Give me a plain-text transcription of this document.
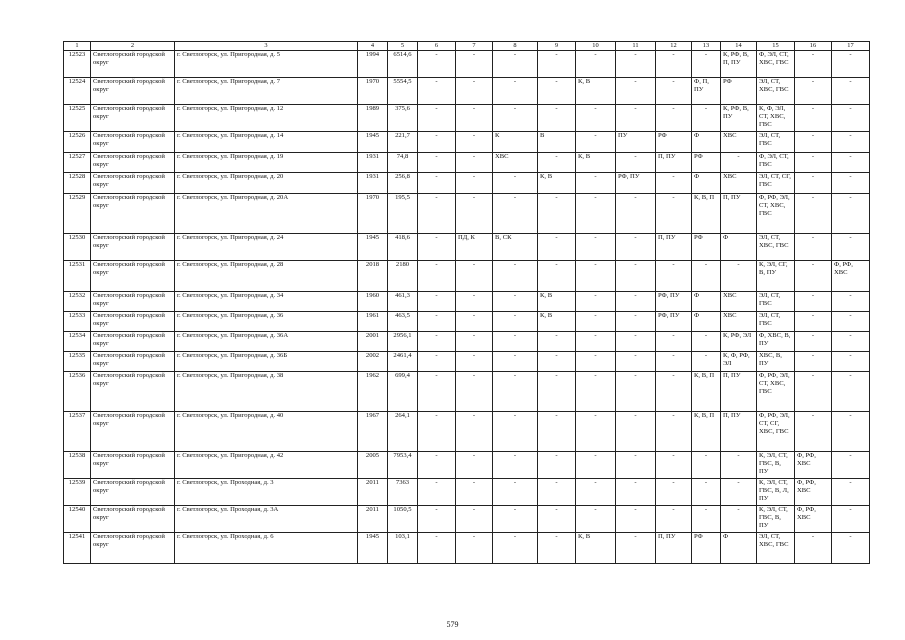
1	2	3	4	5	6	7	8	9	10	11	12	13	14	15	16	17
12523	Светлогорский городской округ	г. Светлогорск, ул. Пригородная, д. 5	1994	6514,6	-	-	-	-	-	-	-	-	К, РФ, В, П, ПУ	Ф, ЭЛ, СТ, ХВС, ГВС	-	-
12524	Светлогорский городской округ	г. Светлогорск, ул. Пригородная, д. 7	1970	5554,5	-	-	-	-	К, В	-	-	Ф, П, ПУ	РФ	ЭЛ, СТ, ХВС, ГВС	-	-
12525	Светлогорский городской округ	г. Светлогорск, ул. Пригородная, д. 12	1989	375,6	-	-	-	-	-	-	-	-	К, РФ, В, ПУ	К, Ф, ЭЛ, СТ, ХВС, ГВС	-	-
12526	Светлогорский городской округ	г. Светлогорск, ул. Пригородная, д. 14	1945	221,7	-	-	К	В	-	ПУ	РФ	Ф	ХВС	ЭЛ, СТ, ГВС	-	-
12527	Светлогорский городской округ	г. Светлогорск, ул. Пригородная, д. 19	1931	74,8	-	-	ХВС	-	К, В	-	П, ПУ	РФ	-	Ф, ЭЛ, СТ, ГВС	-	-
12528	Светлогорский городской округ	г. Светлогорск, ул. Пригородная, д. 20	1931	256,8	-	-	-	К, В	-	РФ, ПУ	-	Ф	ХВС	ЭЛ, СТ, СГ, ГВС	-	-
12529	Светлогорский городской округ	г. Светлогорск, ул. Пригородная, д. 20А	1970	195,5	-	-	-	-	-	-	-	К, В, П	П, ПУ	Ф, РФ, ЭЛ, СТ, ХВС, ГВС	-	-
12530	Светлогорский городской округ	г. Светлогорск, ул. Пригородная, д. 24	1945	418,6	-	ПД, К	В, СК	-	-	-	П, ПУ	РФ	Ф	ЭЛ, СТ, ХВС, ГВС	-	-
12531	Светлогорский городской округ	г. Светлогорск, ул. Пригородная, д. 28	2018	2180	-	-	-	-	-	-	-	-	-	К, ЭЛ, СГ, В, ПУ	-	Ф, РФ, ХВС
12532	Светлогорский городской округ	г. Светлогорск, ул. Пригородная, д. 34	1960	461,3	-	-	-	К, В	-	-	РФ, ПУ	Ф	ХВС	ЭЛ, СТ, ГВС	-	-
12533	Светлогорский городской округ	г. Светлогорск, ул. Пригородная, д. 36	1961	463,5	-	-	-	К, В	-	-	РФ, ПУ	Ф	ХВС	ЭЛ, СТ, ГВС	-	-
12534	Светлогорский городской округ	г. Светлогорск, ул. Пригородная, д. 36А	2001	2956,1	-	-	-	-	-	-	-	-	К, РФ, ЭЛ	Ф, ХВС, В, ПУ	-	-
12535	Светлогорский городской округ	г. Светлогорск, ул. Пригородная, д. 36Б	2002	2461,4	-	-	-	-	-	-	-	-	К, Ф, РФ, ЭЛ	ХВС, В, ПУ	-	-
12536	Светлогорский городской округ	г. Светлогорск, ул. Пригородная, д. 38	1962	699,4	-	-	-	-	-	-	-	К, В, П	П, ПУ	Ф, РФ, ЭЛ, СТ, ХВС, ГВС	-	-
12537	Светлогорский городской округ	г. Светлогорск, ул. Пригородная, д. 40	1967	264,1	-	-	-	-	-	-	-	К, В, П	П, ПУ	Ф, РФ, ЭЛ, СТ, СГ, ХВС, ГВС	-	-
12538	Светлогорский городской округ	г. Светлогорск, ул. Пригородная, д. 42	2005	7953,4	-	-	-	-	-	-	-	-	-	К, ЭЛ, СТ, ГВС, В, ПУ	Ф, РФ, ХВС	-
12539	Светлогорский городской округ	г. Светлогорск, ул. Проходная, д. 3	2011	7363	-	-	-	-	-	-	-	-	-	К, ЭЛ, СТ, ГВС, В, Л, ПУ	Ф, РФ, ХВС	-
12540	Светлогорский городской округ	г. Светлогорск, ул. Проходная, д. 3А	2011	1050,5	-	-	-	-	-	-	-	-	-	К, ЭЛ, СТ, ГВС, В, ПУ	Ф, РФ, ХВС	-
12541	Светлогорский городской округ	г. Светлогорск, ул. Проходная, д. 6	1945	103,1	-	-	-	-	К, В	-	П, ПУ	РФ	Ф	ЭЛ, СТ, ХВС, ГВС	-	-
579
